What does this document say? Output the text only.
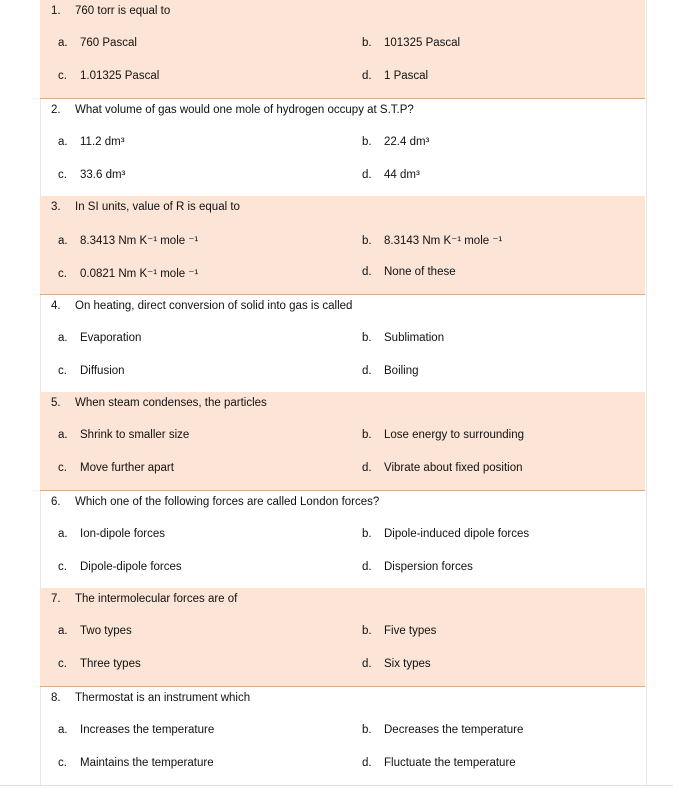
1. 760 torr is equal to
a. 760 Pascal	b. 101325 Pascal
c. 1.01325 Pascal	d. 1 Pascal
2. What volume of gas would one mole of hydrogen occupy at S.T.P?
a. 11.2 dm³	b. 22.4 dm³
c. 33.6 dm³	d. 44 dm³
3. In SI units, value of R is equal to
a. 8.3413 Nm K⁻¹ mole ⁻¹	b. 8.3143 Nm K⁻¹ mole ⁻¹
c. 0.0821 Nm K⁻¹ mole ⁻¹	d. None of these
4. On heating, direct conversion of solid into gas is called
a. Evaporation	b. Sublimation
c. Diffusion	d. Boiling
5. When steam condenses, the particles
a. Shrink to smaller size	b. Lose energy to surrounding
c. Move further apart	d. Vibrate about fixed position
6. Which one of the following forces are called London forces?
a. Ion-dipole forces	b. Dipole-induced dipole forces
c. Dipole-dipole forces	d. Dispersion forces
7. The intermolecular forces are of
a. Two types	b. Five types
c. Three types	d. Six types
8. Thermostat is an instrument which
a. Increases the temperature	b. Decreases the temperature
c. Maintains the temperature	d. Fluctuate the temperature
